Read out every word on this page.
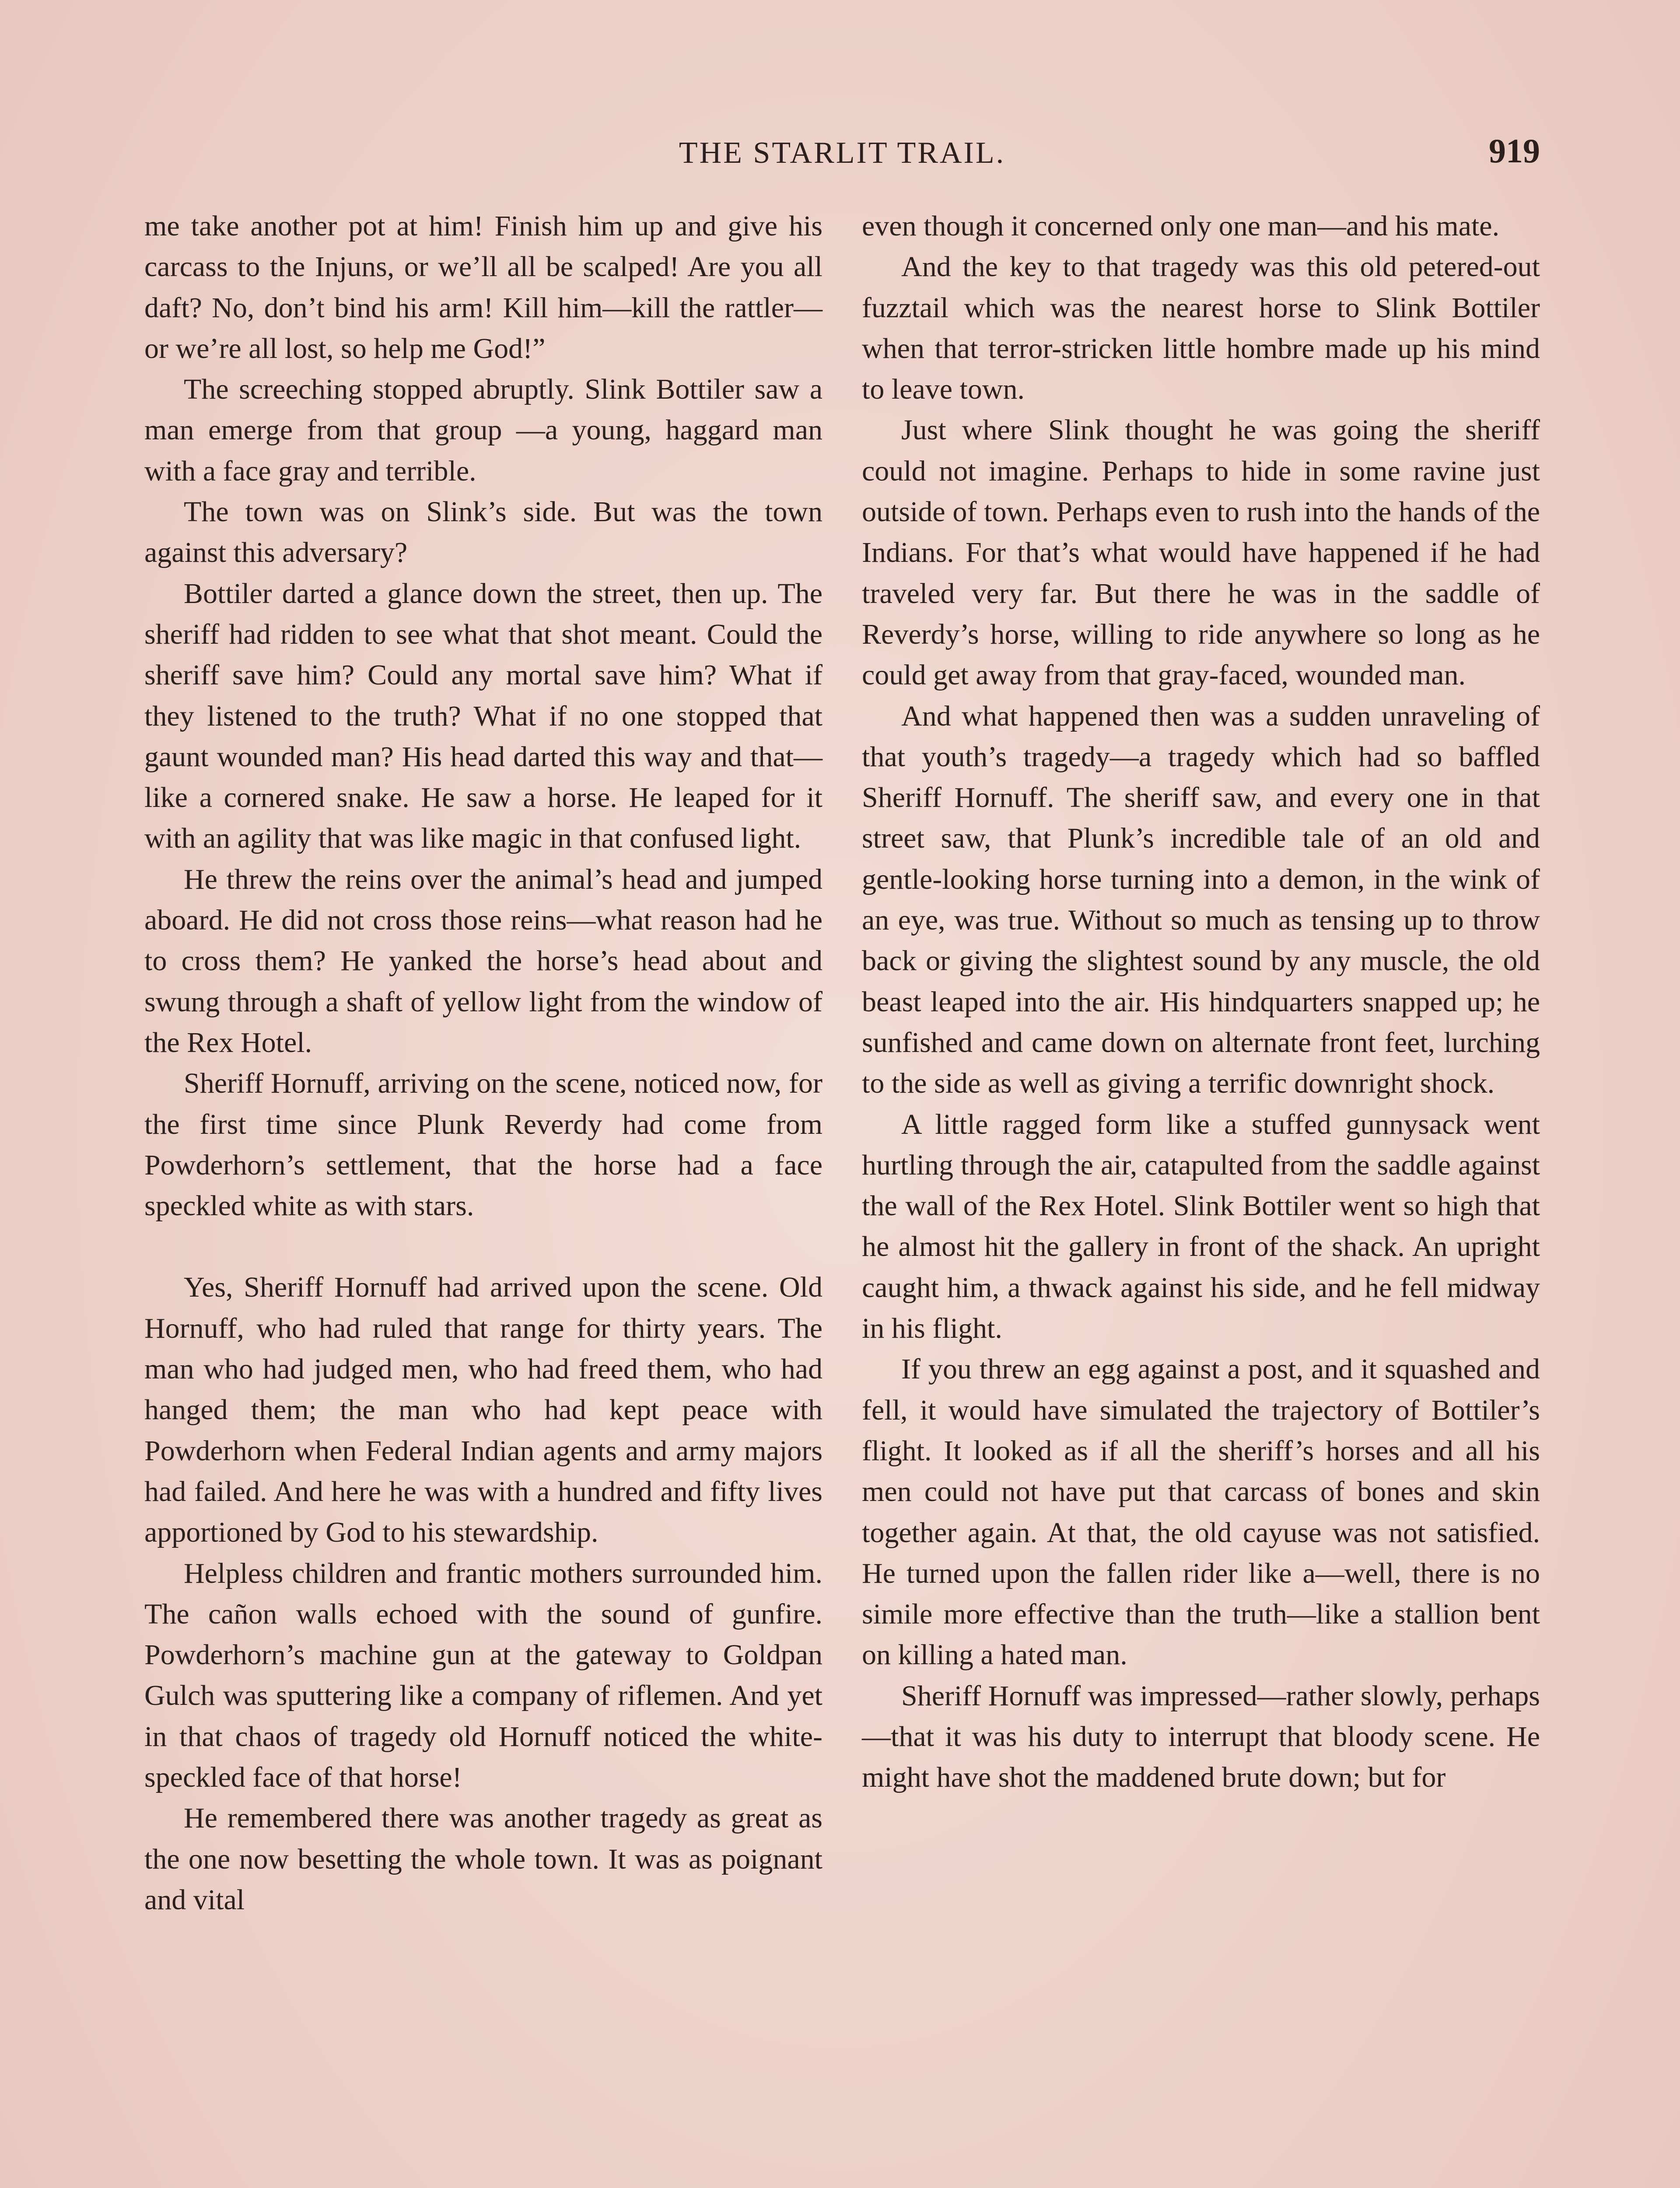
THE STARLIT TRAIL.	919

me take another pot at him! Finish him up and give his carcass to the Injuns, or we’ll all be scalped! Are you all daft? No, don’t bind his arm! Kill him—kill the rattler—or we’re all lost, so help me God!”

The screeching stopped abruptly. Slink Bottiler saw a man emerge from that group —a young, haggard man with a face gray and terrible.

The town was on Slink’s side. But was the town against this adversary?

Bottiler darted a glance down the street, then up. The sheriff had ridden to see what that shot meant. Could the sheriff save him? Could any mortal save him? What if they listened to the truth? What if no one stopped that gaunt wounded man? His head darted this way and that—like a cornered snake. He saw a horse. He leaped for it with an agility that was like magic in that confused light.

He threw the reins over the animal’s head and jumped aboard. He did not cross those reins—what reason had he to cross them? He yanked the horse’s head about and swung through a shaft of yellow light from the window of the Rex Hotel.

Sheriff Hornuff, arriving on the scene, noticed now, for the first time since Plunk Reverdy had come from Powderhorn’s settlement, that the horse had a face speckled white as with stars.

Yes, Sheriff Hornuff had arrived upon the scene. Old Hornuff, who had ruled that range for thirty years. The man who had judged men, who had freed them, who had hanged them; the man who had kept peace with Powderhorn when Federal Indian agents and army majors had failed. And here he was with a hundred and fifty lives apportioned by God to his stewardship.

Helpless children and frantic mothers surrounded him. The cañon walls echoed with the sound of gunfire. Powderhorn’s machine gun at the gateway to Goldpan Gulch was sputtering like a company of riflemen. And yet in that chaos of tragedy old Hornuff noticed the white-speckled face of that horse!

He remembered there was another tragedy as great as the one now besetting the whole town. It was as poignant and vital

even though it concerned only one man—and his mate.

And the key to that tragedy was this old petered-out fuzztail which was the nearest horse to Slink Bottiler when that terror-stricken little hombre made up his mind to leave town.

Just where Slink thought he was going the sheriff could not imagine. Perhaps to hide in some ravine just outside of town. Perhaps even to rush into the hands of the Indians. For that’s what would have happened if he had traveled very far. But there he was in the saddle of Reverdy’s horse, willing to ride anywhere so long as he could get away from that gray-faced, wounded man.

And what happened then was a sudden unraveling of that youth’s tragedy—a tragedy which had so baffled Sheriff Hornuff. The sheriff saw, and every one in that street saw, that Plunk’s incredible tale of an old and gentle-looking horse turning into a demon, in the wink of an eye, was true. Without so much as tensing up to throw back or giving the slightest sound by any muscle, the old beast leaped into the air. His hindquarters snapped up; he sunfished and came down on alternate front feet, lurching to the side as well as giving a terrific downright shock.

A little ragged form like a stuffed gunnysack went hurtling through the air, catapulted from the saddle against the wall of the Rex Hotel. Slink Bottiler went so high that he almost hit the gallery in front of the shack. An upright caught him, a thwack against his side, and he fell midway in his flight.

If you threw an egg against a post, and it squashed and fell, it would have simulated the trajectory of Bottiler’s flight. It looked as if all the sheriff’s horses and all his men could not have put that carcass of bones and skin together again. At that, the old cayuse was not satisfied. He turned upon the fallen rider like a—well, there is no simile more effective than the truth—like a stallion bent on killing a hated man.

Sheriff Hornuff was impressed—rather slowly, perhaps—that it was his duty to interrupt that bloody scene. He might have shot the maddened brute down; but for
